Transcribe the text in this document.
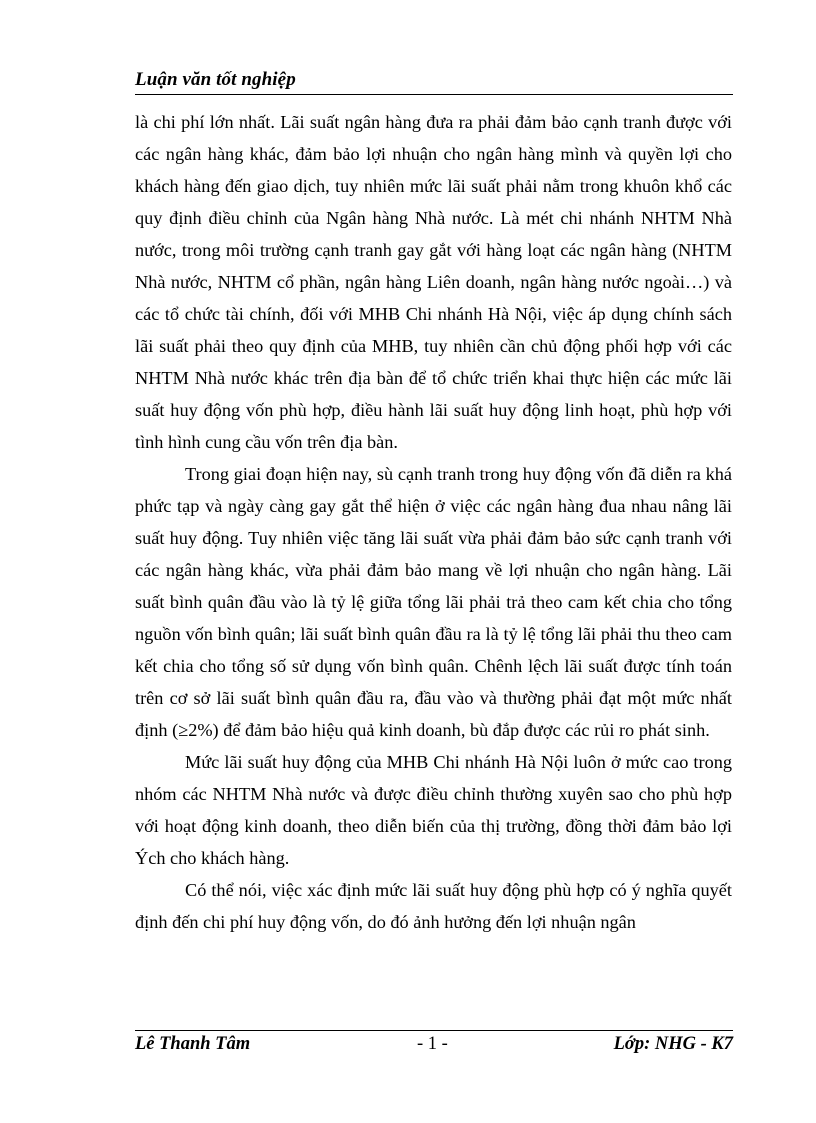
Luận văn tốt nghiệp

là chi phí lớn nhất. Lãi suất ngân hàng đưa ra phải đảm bảo cạnh tranh được với các ngân hàng khác, đảm bảo lợi nhuận cho ngân hàng mình và quyền lợi cho khách hàng đến giao dịch, tuy nhiên mức lãi suất phải nằm trong khuôn khổ các quy định điều chỉnh của Ngân hàng Nhà nước. Là mét chi nhánh NHTM Nhà nước, trong môi trường cạnh tranh gay gắt với hàng loạt các ngân hàng (NHTM Nhà nước, NHTM cổ phần, ngân hàng Liên doanh, ngân hàng nước ngoài…) và các tổ chức tài chính, đối với MHB Chi nhánh Hà Nội, việc áp dụng chính sách lãi suất phải theo quy định của MHB, tuy nhiên cần chủ động phối hợp với các NHTM Nhà nước khác trên địa bàn để tổ chức triển khai thực hiện các mức lãi suất huy động vốn phù hợp, điều hành lãi suất huy động linh hoạt, phù hợp với tình hình cung cầu vốn trên địa bàn.

Trong giai đoạn hiện nay, sù cạnh tranh trong huy động vốn đã diễn ra khá phức tạp và ngày càng gay gắt thể hiện ở việc các ngân hàng đua nhau nâng lãi suất huy động. Tuy nhiên việc tăng lãi suất vừa phải đảm bảo sức cạnh tranh với các ngân hàng khác, vừa phải đảm bảo mang về lợi nhuận cho ngân hàng. Lãi suất bình quân đầu vào là tỷ lệ giữa tổng lãi phải trả theo cam kết chia cho tổng nguồn vốn bình quân; lãi suất bình quân đầu ra là tỷ lệ tổng lãi phải thu theo cam kết chia cho tổng số sử dụng vốn bình quân. Chênh lệch lãi suất được tính toán trên cơ sở lãi suất bình quân đầu ra, đầu vào và thường phải đạt một mức nhất định (≥2%) để đảm bảo hiệu quả kinh doanh, bù đắp được các rủi ro phát sinh.

Mức lãi suất huy động của MHB Chi nhánh Hà Nội luôn ở mức cao trong nhóm các NHTM Nhà nước và được điều chỉnh thường xuyên sao cho phù hợp với hoạt động kinh doanh, theo diễn biến của thị trường, đồng thời đảm bảo lợi Ých cho khách hàng.

Có thể nói, việc xác định mức lãi suất huy động phù hợp có ý nghĩa quyết định đến chi phí huy động vốn, do đó ảnh hưởng đến lợi nhuận ngân

Lê Thanh Tâm	- 1 -	Lớp: NHG - K7
